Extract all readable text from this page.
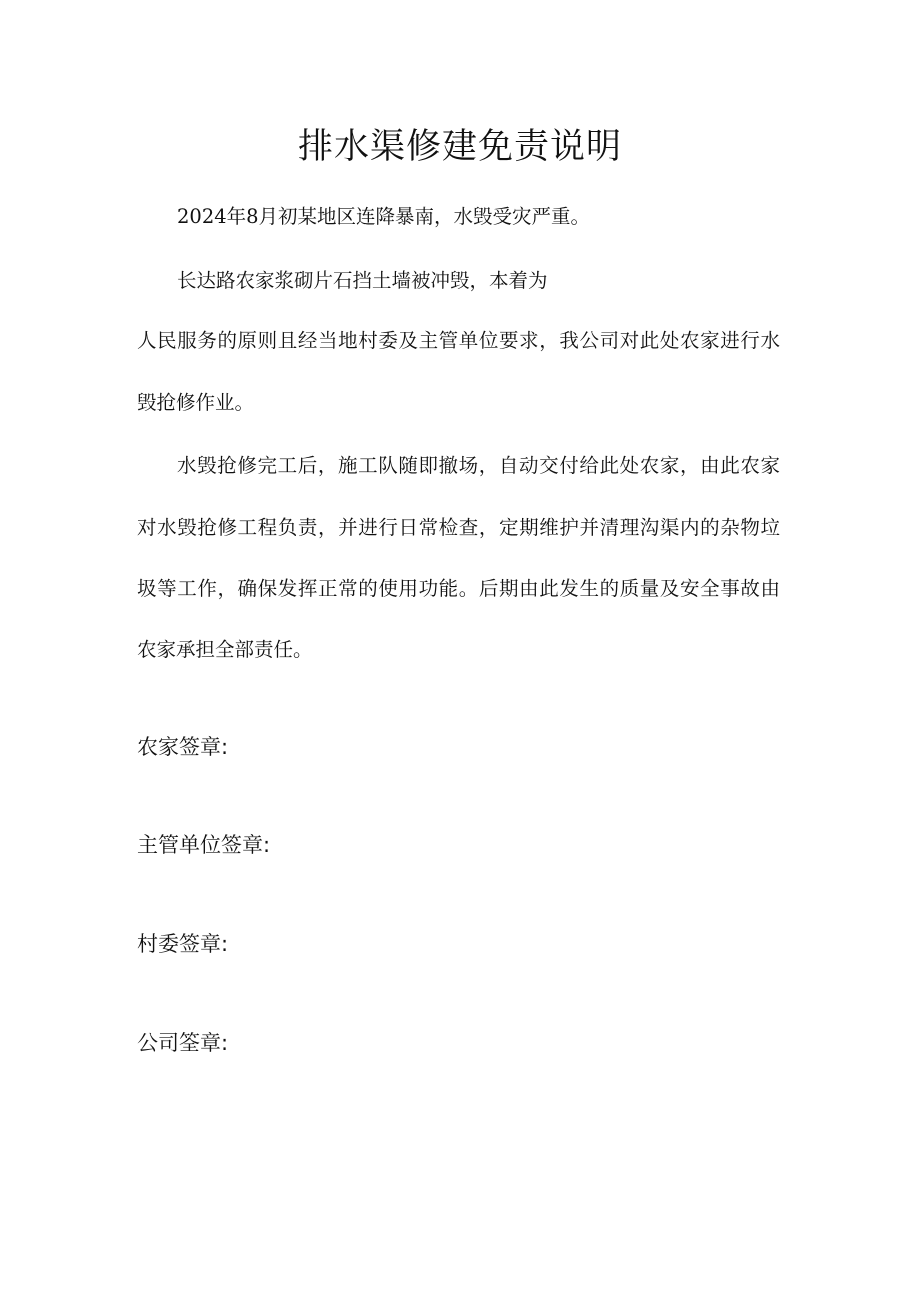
排水渠修建免责说明
2024年8月初某地区连降暴南，水毁受灾严重。
长达路农家浆砌片石挡土墙被冲毁，本着为
人民服务的原则且经当地村委及主管单位要求，我公司对此处农家进行水
毁抢修作业。
水毁抢修完工后，施工队随即撤场，自动交付给此处农家，由此农家
对水毁抢修工程负责，并进行日常检查，定期维护并清理沟渠内的杂物垃
圾等工作，确保发挥正常的使用功能。后期由此发生的质量及安全事故由
农家承担全部责任。
农家签章:
主管单位签章:
村委签章:
公司筌章:
